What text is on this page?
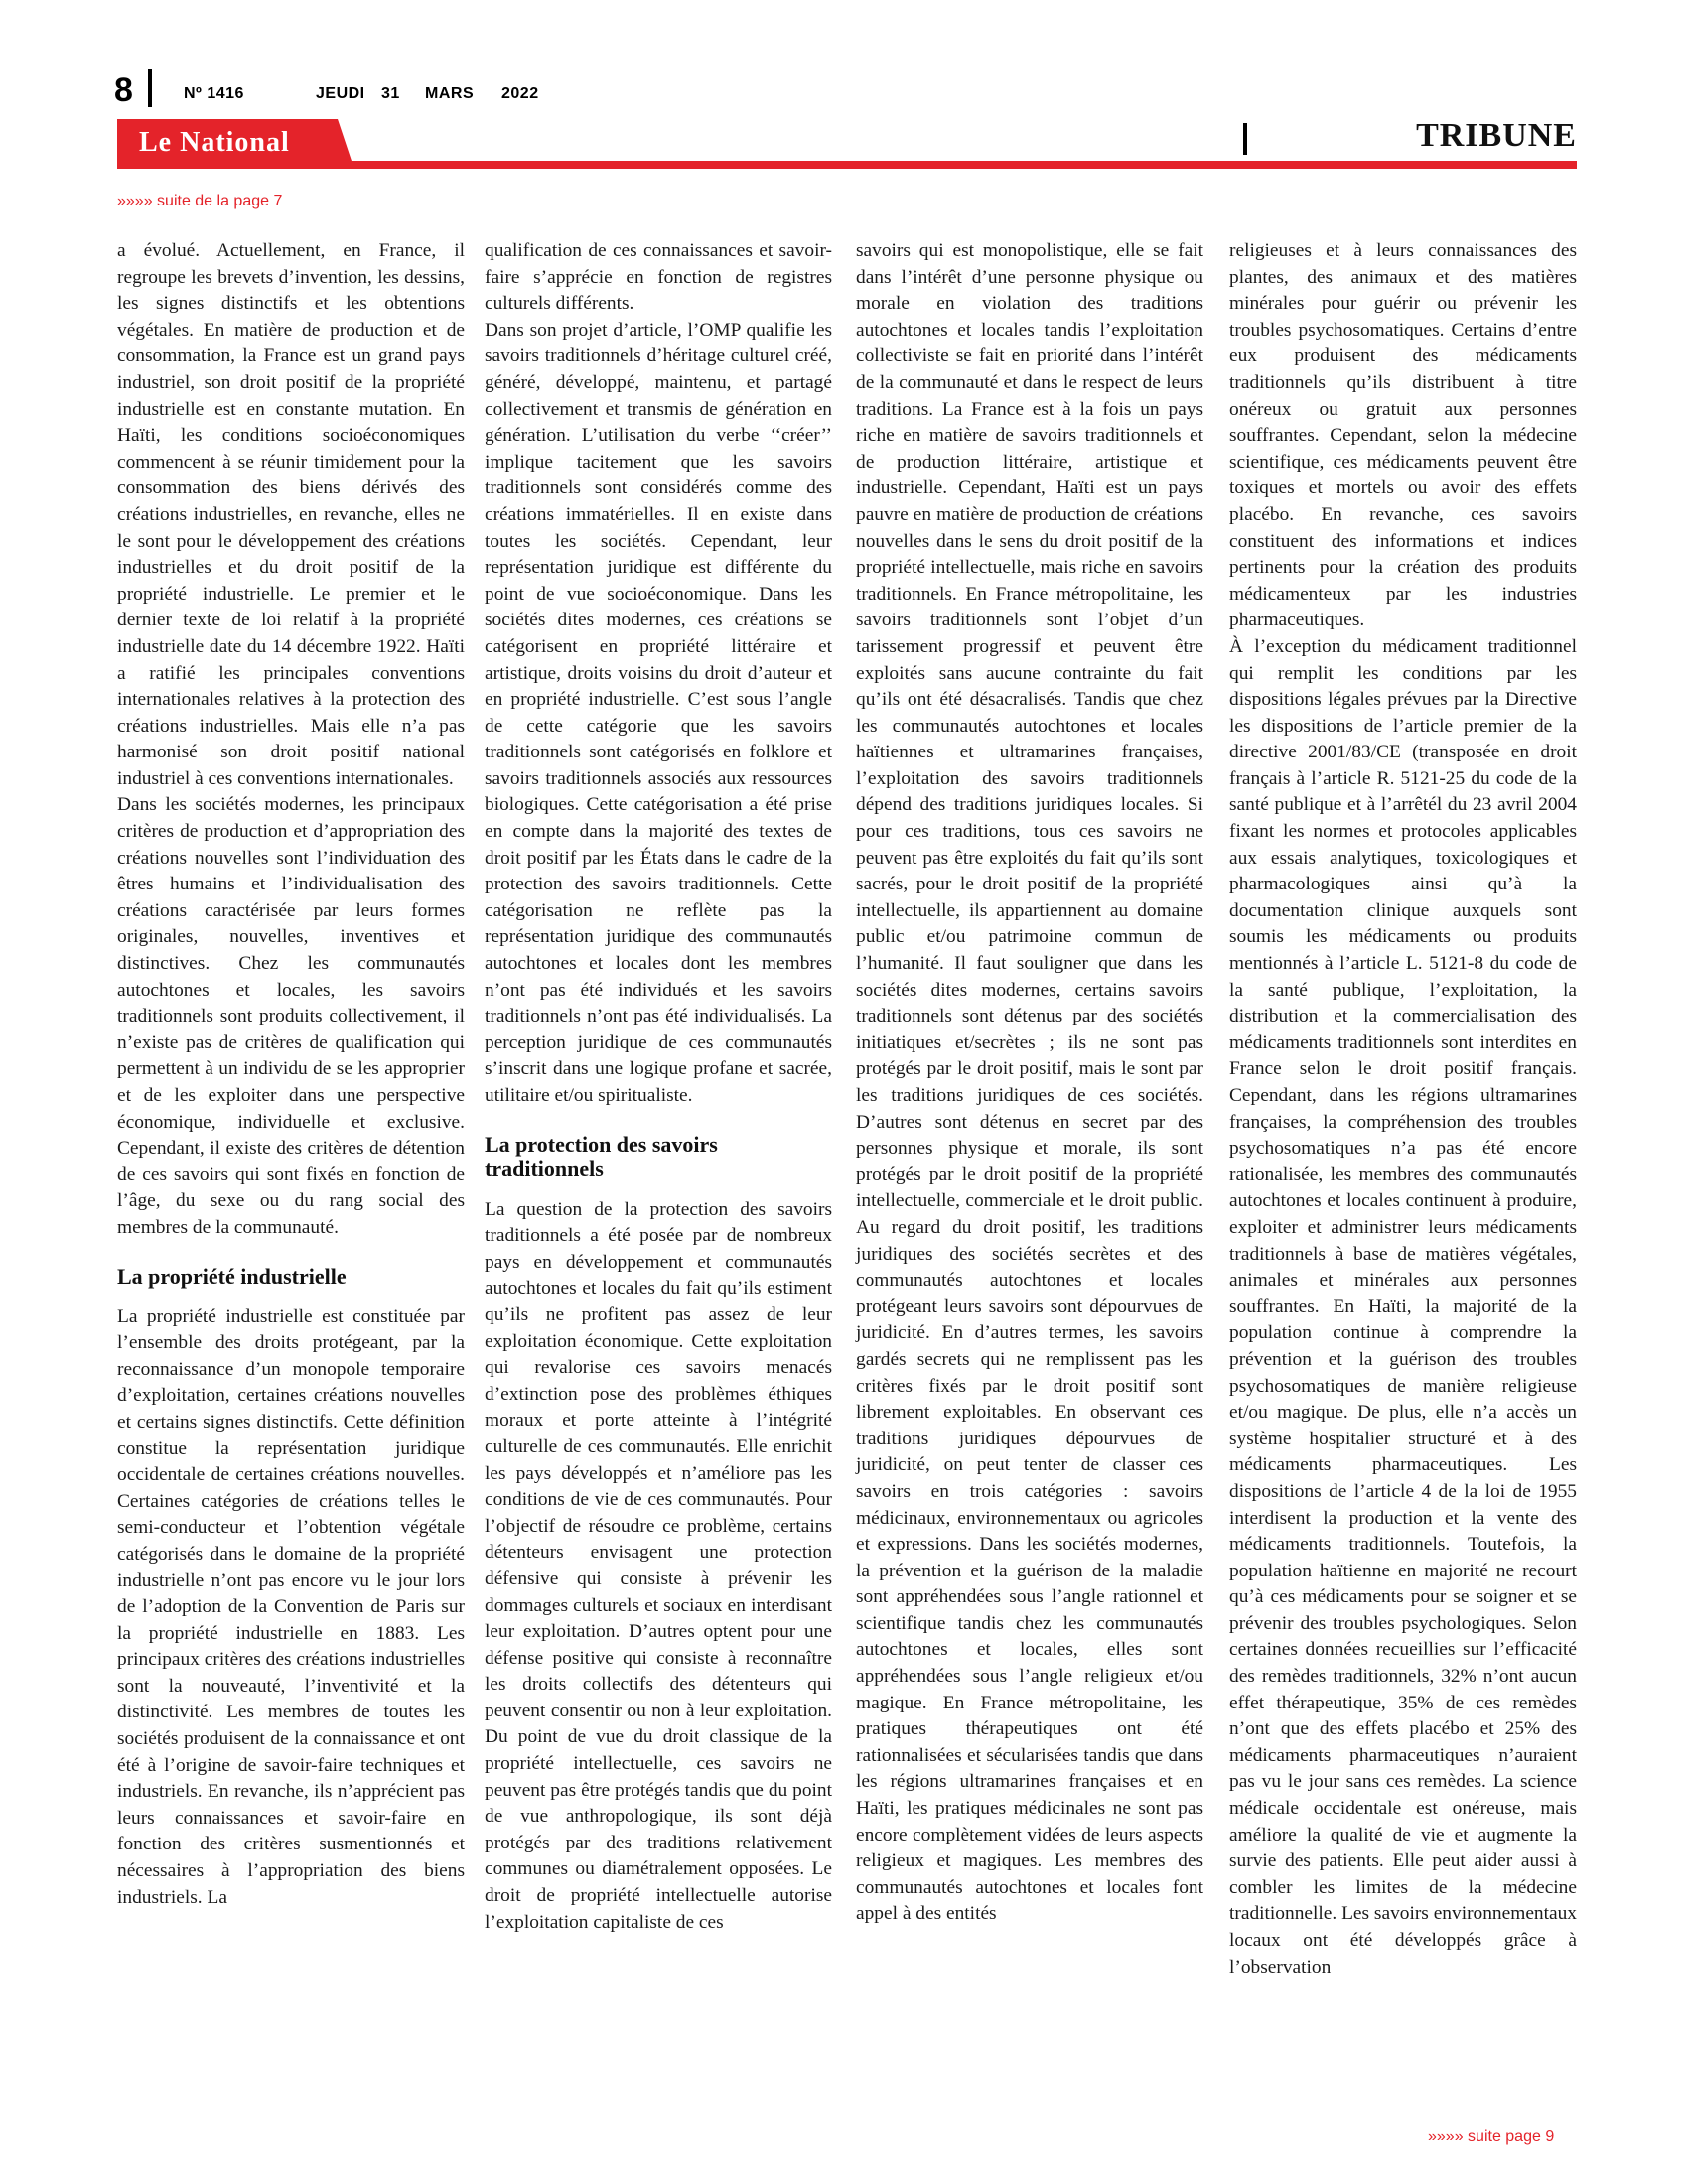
8	Nº 1416	JEUDI 31 MARS 2022
Le National	TRIBUNE
»»»» suite de la page 7

a évolué. Actuellement, en France, il regroupe les brevets d’invention, les dessins, les signes distinctifs et les obtentions végétales. En matière de production et de consommation, la France est un grand pays industriel, son droit positif de la propriété industrielle est en constante mutation. En Haïti, les conditions socioéconomiques commencent à se réunir timidement pour la consommation des biens dérivés des créations industrielles, en revanche, elles ne le sont pour le développement des créations industrielles et du droit positif de la propriété industrielle. Le premier et le dernier texte de loi relatif à la propriété industrielle date du 14 décembre 1922. Haïti a ratifié les principales conventions internationales relatives à la protection des créations industrielles. Mais elle n’a pas harmonisé son droit positif national industriel à ces conventions internationales.

Dans les sociétés modernes, les principaux critères de production et d’appropriation des créations nouvelles sont l’individuation des êtres humains et l’individualisation des créations caractérisée par leurs formes originales, nouvelles, inventives et distinctives. Chez les communautés autochtones et locales, les savoirs traditionnels sont produits collectivement, il n’existe pas de critères de qualification qui permettent à un individu de se les approprier et de les exploiter dans une perspective économique, individuelle et exclusive. Cependant, il existe des critères de détention de ces savoirs qui sont fixés en fonction de l’âge, du sexe ou du rang social des membres de la communauté.

La propriété industrielle

La propriété industrielle est constituée par l’ensemble des droits protégeant, par la reconnaissance d’un monopole temporaire d’exploitation, certaines créations nouvelles et certains signes distinctifs. Cette définition constitue la représentation juridique occidentale de certaines créations nouvelles. Certaines catégories de créations telles le semi-conducteur et l’obtention végétale catégorisés dans le domaine de la propriété industrielle n’ont pas encore vu le jour lors de l’adoption de la Convention de Paris sur la propriété industrielle en 1883. Les principaux critères des créations industrielles sont la nouveauté, l’inventivité et la distinctivité. Les membres de toutes les sociétés produisent de la connaissance et ont été à l’origine de savoir-faire techniques et industriels. En revanche, ils n’apprécient pas leurs connaissances et savoir-faire en fonction des critères susmentionnés et nécessaires à l’appropriation des biens industriels. La

qualification de ces connaissances et savoir-faire s’apprécie en fonction de registres culturels différents.

Dans son projet d’article, l’OMP qualifie les savoirs traditionnels d’héritage culturel créé, généré, développé, maintenu, et partagé collectivement et transmis de génération en génération. L’utilisation du verbe ‘‘créer’’ implique tacitement que les savoirs traditionnels sont considérés comme des créations immatérielles. Il en existe dans toutes les sociétés. Cependant, leur représentation juridique est différente du point de vue socioéconomique. Dans les sociétés dites modernes, ces créations se catégorisent en propriété littéraire et artistique, droits voisins du droit d’auteur et en propriété industrielle. C’est sous l’angle de cette catégorie que les savoirs traditionnels sont catégorisés en folklore et savoirs traditionnels associés aux ressources biologiques. Cette catégorisation a été prise en compte dans la majorité des textes de droit positif par les États dans le cadre de la protection des savoirs traditionnels. Cette catégorisation ne reflète pas la représentation juridique des communautés autochtones et locales dont les membres n’ont pas été individués et les savoirs traditionnels n’ont pas été individualisés. La perception juridique de ces communautés s’inscrit dans une logique profane et sacrée, utilitaire et/ou spiritualiste.

La protection des savoirs traditionnels

La question de la protection des savoirs traditionnels a été posée par de nombreux pays en développement et communautés autochtones et locales du fait qu’ils estiment qu’ils ne profitent pas assez de leur exploitation économique. Cette exploitation qui revalorise ces savoirs menacés d’extinction pose des problèmes éthiques moraux et porte atteinte à l’intégrité culturelle de ces communautés. Elle enrichit les pays développés et n’améliore pas les conditions de vie de ces communautés. Pour l’objectif de résoudre ce problème, certains détenteurs envisagent une protection défensive qui consiste à prévenir les dommages culturels et sociaux en interdisant leur exploitation. D’autres optent pour une défense positive qui consiste à reconnaître les droits collectifs des détenteurs qui peuvent consentir ou non à leur exploitation. Du point de vue du droit classique de la propriété intellectuelle, ces savoirs ne peuvent pas être protégés tandis que du point de vue anthropologique, ils sont déjà protégés par des traditions relativement communes ou diamétralement opposées. Le droit de propriété intellectuelle autorise l’exploitation capitaliste de ces

savoirs qui est monopolistique, elle se fait dans l’intérêt d’une personne physique ou morale en violation des traditions autochtones et locales tandis l’exploitation collectiviste se fait en priorité dans l’intérêt de la communauté et dans le respect de leurs traditions. La France est à la fois un pays riche en matière de savoirs traditionnels et de production littéraire, artistique et industrielle. Cependant, Haïti est un pays pauvre en matière de production de créations nouvelles dans le sens du droit positif de la propriété intellectuelle, mais riche en savoirs traditionnels. En France métropolitaine, les savoirs traditionnels sont l’objet d’un tarissement progressif et peuvent être exploités sans aucune contrainte du fait qu’ils ont été désacralisés. Tandis que chez les communautés autochtones et locales haïtiennes et ultramarines françaises, l’exploitation des savoirs traditionnels dépend des traditions juridiques locales. Si pour ces traditions, tous ces savoirs ne peuvent pas être exploités du fait qu’ils sont sacrés, pour le droit positif de la propriété intellectuelle, ils appartiennent au domaine public et/ou patrimoine commun de l’humanité. Il faut souligner que dans les sociétés dites modernes, certains savoirs traditionnels sont détenus par des sociétés initiatiques et/secrètes ; ils ne sont pas protégés par le droit positif, mais le sont par les traditions juridiques de ces sociétés. D’autres sont détenus en secret par des personnes physique et morale, ils sont protégés par le droit positif de la propriété intellectuelle, commerciale et le droit public. Au regard du droit positif, les traditions juridiques des sociétés secrètes et des communautés autochtones et locales protégeant leurs savoirs sont dépourvues de juridicité. En d’autres termes, les savoirs gardés secrets qui ne remplissent pas les critères fixés par le droit positif sont librement exploitables. En observant ces traditions juridiques dépourvues de juridicité, on peut tenter de classer ces savoirs en trois catégories : savoirs médicinaux, environnementaux ou agricoles et expressions. Dans les sociétés modernes, la prévention et la guérison de la maladie sont appréhendées sous l’angle rationnel et scientifique tandis chez les communautés autochtones et locales, elles sont appréhendées sous l’angle religieux et/ou magique. En France métropolitaine, les pratiques thérapeutiques ont été rationnalisées et sécularisées tandis que dans les régions ultramarines françaises et en Haïti, les pratiques médicinales ne sont pas encore complètement vidées de leurs aspects religieux et magiques. Les membres des communautés autochtones et locales font appel à des entités

religieuses et à leurs connaissances des plantes, des animaux et des matières minérales pour guérir ou prévenir les troubles psychosomatiques. Certains d’entre eux produisent des médicaments traditionnels qu’ils distribuent à titre onéreux ou gratuit aux personnes souffrantes. Cependant, selon la médecine scientifique, ces médicaments peuvent être toxiques et mortels ou avoir des effets placébo. En revanche, ces savoirs constituent des informations et indices pertinents pour la création des produits médicamenteux par les industries pharmaceutiques.

À l’exception du médicament traditionnel qui remplit les conditions par les dispositions légales prévues par la Directive les dispositions de l’article premier de la directive 2001/83/CE (transposée en droit français à l’article R. 5121-25 du code de la santé publique et à l’arrêtél du 23 avril 2004 fixant les normes et protocoles applicables aux essais analytiques, toxicologiques et pharmacologiques ainsi qu’à la documentation clinique auxquels sont soumis les médicaments ou produits mentionnés à l’article L. 5121-8 du code de la santé publique, l’exploitation, la distribution et la commercialisation des médicaments traditionnels sont interdites en France selon le droit positif français. Cependant, dans les régions ultramarines françaises, la compréhension des troubles psychosomatiques n’a pas été encore rationalisée, les membres des communautés autochtones et locales continuent à produire, exploiter et administrer leurs médicaments traditionnels à base de matières végétales, animales et minérales aux personnes souffrantes. En Haïti, la majorité de la population continue à comprendre la prévention et la guérison des troubles psychosomatiques de manière religieuse et/ou magique. De plus, elle n’a accès un système hospitalier structuré et à des médicaments pharmaceutiques. Les dispositions de l’article 4 de la loi de 1955 interdisent la production et la vente des médicaments traditionnels. Toutefois, la population haïtienne en majorité ne recourt qu’à ces médicaments pour se soigner et se prévenir des troubles psychologiques. Selon certaines données recueillies sur l’efficacité des remèdes traditionnels, 32% n’ont aucun effet thérapeutique, 35% de ces remèdes n’ont que des effets placébo et 25% des médicaments pharmaceutiques n’auraient pas vu le jour sans ces remèdes. La science médicale occidentale est onéreuse, mais améliore la qualité de vie et augmente la survie des patients. Elle peut aider aussi à combler les limites de la médecine traditionnelle. Les savoirs environnementaux locaux ont été développés grâce à l’observation

»»»» suite page 9
